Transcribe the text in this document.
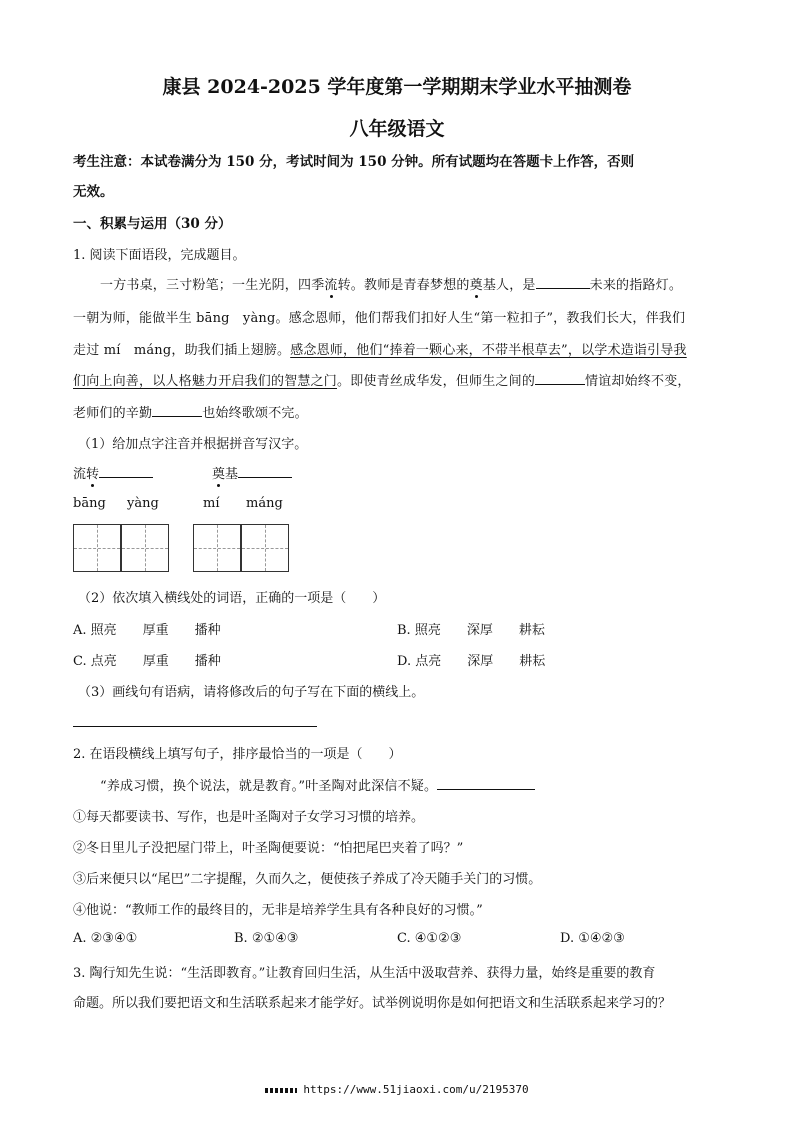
康县 2024-2025 学年度第一学期期末学业水平抽测卷
八年级语文
考生注意：本试卷满分为 150 分，考试时间为 150 分钟。所有试题均在答题卡上作答，否则
无效。
一、积累与运用（30 分）
1. 阅读下面语段，完成题目。
一方书桌，三寸粉笔；一生光阴，四季流转。教师是青春梦想的奠基人，是	未来的指路灯。
一朝为师，能做半生 bāng　yàng。感念恩师，他们帮我们扣好人生“第一粒扣子”，教我们长大，伴我们
走过 mí　máng，助我们插上翅膀。感念恩师，他们“捧着一颗心来，不带半根草去”，以学术造诣引导我
们向上向善，以人格魅力开启我们的智慧之门。即使青丝成华发，但师生之间的	情谊却始终不变，
老师们的辛勤	也始终歌颂不完。
（1）给加点字注音并根据拼音写汉字。
流转	奠基
bāng yàng	mí máng
（2）依次填入横线处的词语，正确的一项是（　　）
A. 照亮　　厚重　　播种	B. 照亮　　深厚　　耕耘
C. 点亮　　厚重　　播种	D. 点亮　　深厚　　耕耘
（3）画线句有语病，请将修改后的句子写在下面的横线上。
2. 在语段横线上填写句子，排序最恰当的一项是（　　）
“养成习惯，换个说法，就是教育。”叶圣陶对此深信不疑。
①每天都要读书、写作，也是叶圣陶对子女学习习惯的培养。
②冬日里儿子没把屋门带上，叶圣陶便要说：“怕把尾巴夹着了吗？”
③后来便只以“尾巴”二字提醒，久而久之，便使孩子养成了冷天随手关门的习惯。
④他说：“教师工作的最终目的，无非是培养学生具有各种良好的习惯。”
A. ②③④①	B. ②①④③	C. ④①②③	D. ①④②③
3. 陶行知先生说：“生活即教育。”让教育回归生活，从生活中汲取营养、获得力量，始终是重要的教育
命题。所以我们要把语文和生活联系起来才能学好。试举例说明你是如何把语文和生活联系起来学习的？
https://www.51jiaoxi.com/u/2195370
